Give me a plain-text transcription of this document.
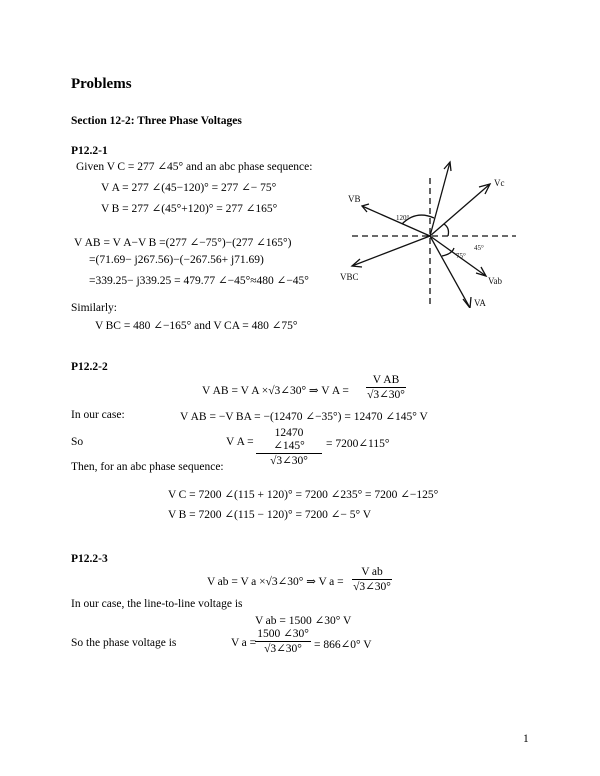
Problems
Section 12-2: Three Phase Voltages
P12.2-1
Given V C = 277 ∠45° and an abc phase sequence:
V A = 277 ∠(45−120)° = 277 ∠− 75°
V B = 277 ∠(45°+120)° = 277 ∠165°
V AB = V A−V B =(277 ∠−75°)−(277 ∠165°)
=(71.69− j267.56)−(−267.56+ j71.69)
=339.25− j339.25 = 479.77 ∠−45°≈480 ∠−45°
Similarly:
V BC = 480 ∠−165° and V CA = 480 ∠75°
Vc
VB
VBC
VA
Vab
120°
45°
75°
P12.2-2
V AB = V A ×√3∠30° ⇒ V $A = \frac{\text{V AB}}{√3\angle 30^\circ}$
In our case:	V AB = −V BA = −(12470 ∠−35°) = 12470 ∠145° V
So	V $A = \frac{12470 \angle 145^\circ}{√3\angle 30^\circ}$ = 7200∠115°
Then, for an abc phase sequence:
V C = 7200 ∠(115 + 120)° = 7200 ∠235° = 7200 ∠−125°
V B = 7200 ∠(115 − 120)° = 7200 ∠− 5° V
P12.2-3
V ab = V a ×√3∠30° ⇒ V $a = \frac{\text{V ab}}{√3\angle 30^\circ}$
In our case, the line-to-line voltage is
V ab = 1500 ∠30° V
So the phase voltage is	V a =
$\frac{1500 \angle 30^\circ}{√3\angle 30^\circ}$ = 866∠0° V
1
